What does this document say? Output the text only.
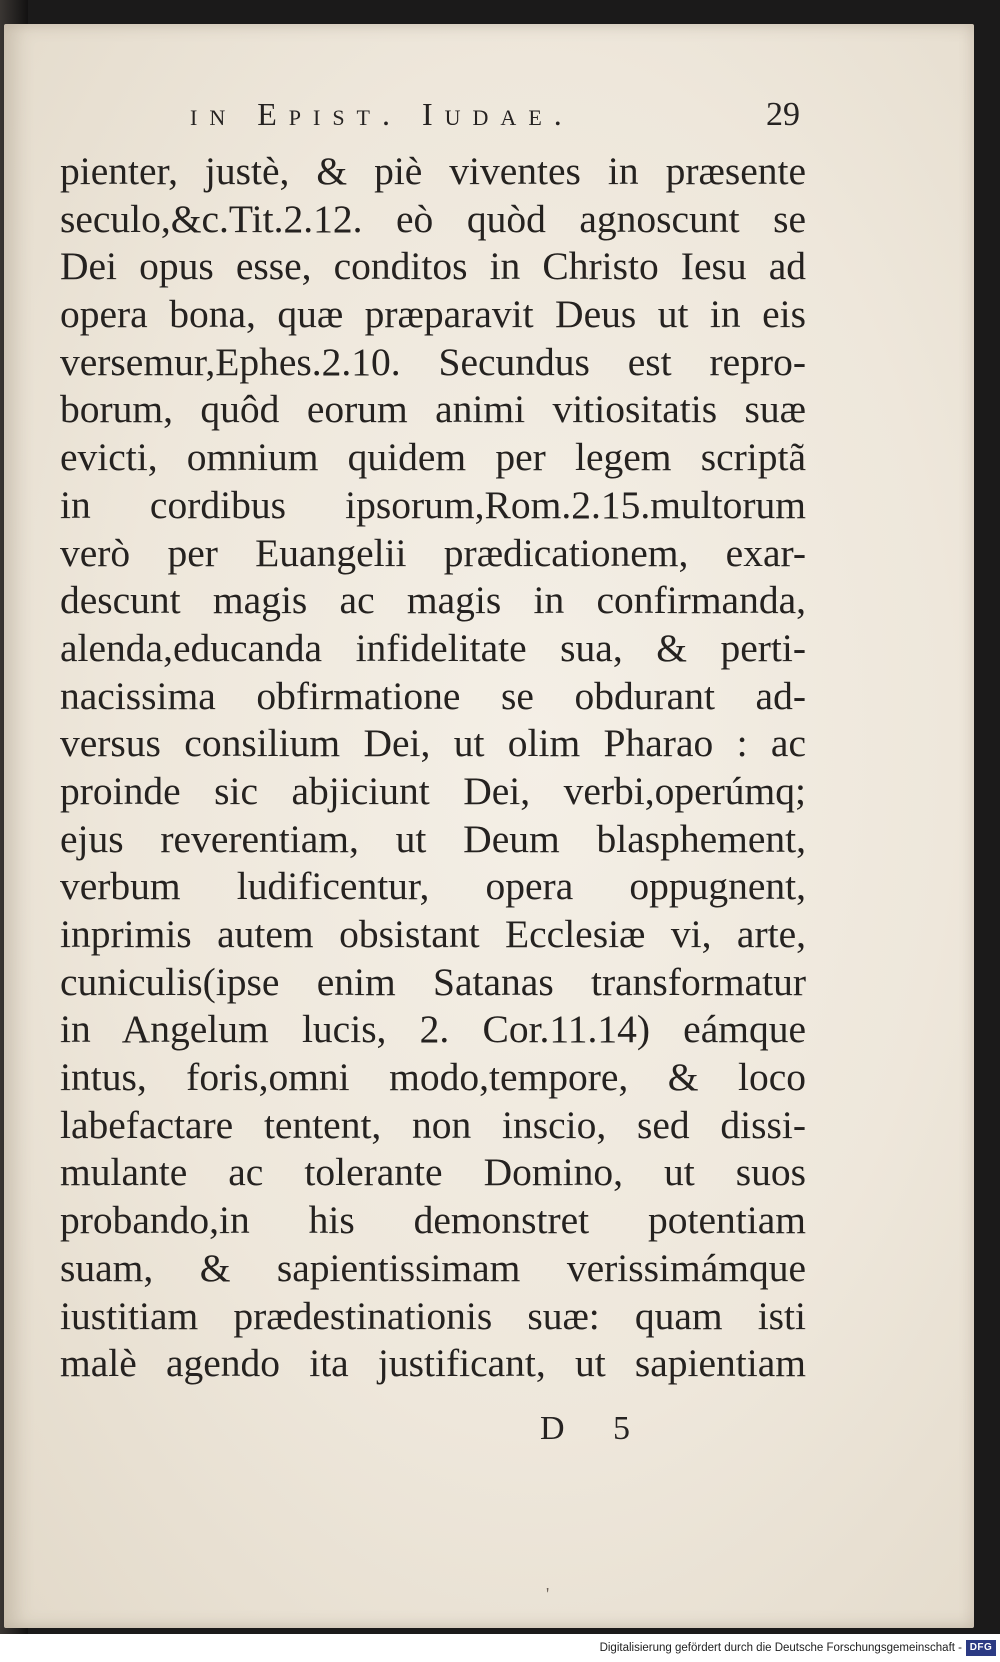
in Epist. Iudae.	29
pienter, justè, & piè viventes in præsente
seculo,&c.Tit.2.12. eò quòd agnoscunt se
Dei opus esse, conditos in Christo Iesu ad
opera bona, quæ præparavit Deus ut in eis
versemur,Ephes.2.10. Secundus est repro-
borum, quôd eorum animi vitiositatis suæ
evicti, omnium quidem per legem scriptã
in cordibus ipsorum,Rom.2.15.multorum
verò per Euangelii prædicationem, exar-
descunt magis ac magis in confirmanda,
alenda,educanda infidelitate sua, & perti-
nacissima obfirmatione se obdurant ad-
versus consilium Dei, ut olim Pharao : ac
proinde sic abjiciunt Dei, verbi,operúmq;
ejus reverentiam, ut Deum blasphement,
verbum ludificentur, opera oppugnent,
inprimis autem obsistant Ecclesiæ vi, arte,
cuniculis(ipse enim Satanas transformatur
in Angelum lucis, 2. Cor.11.14) eámque
intus, foris,omni modo,tempore, & loco
labefactare tentent, non inscio, sed dissi-
mulante ac tolerante Domino, ut suos
probando,in his demonstret potentiam
suam, & sapientissimam verissimámque
iustitiam prædestinationis suæ: quam isti
malè agendo ita justificant, ut sapientiam
D 5
'
Digitalisierung gefördert durch die Deutsche Forschungsgemeinschaft - DFG
